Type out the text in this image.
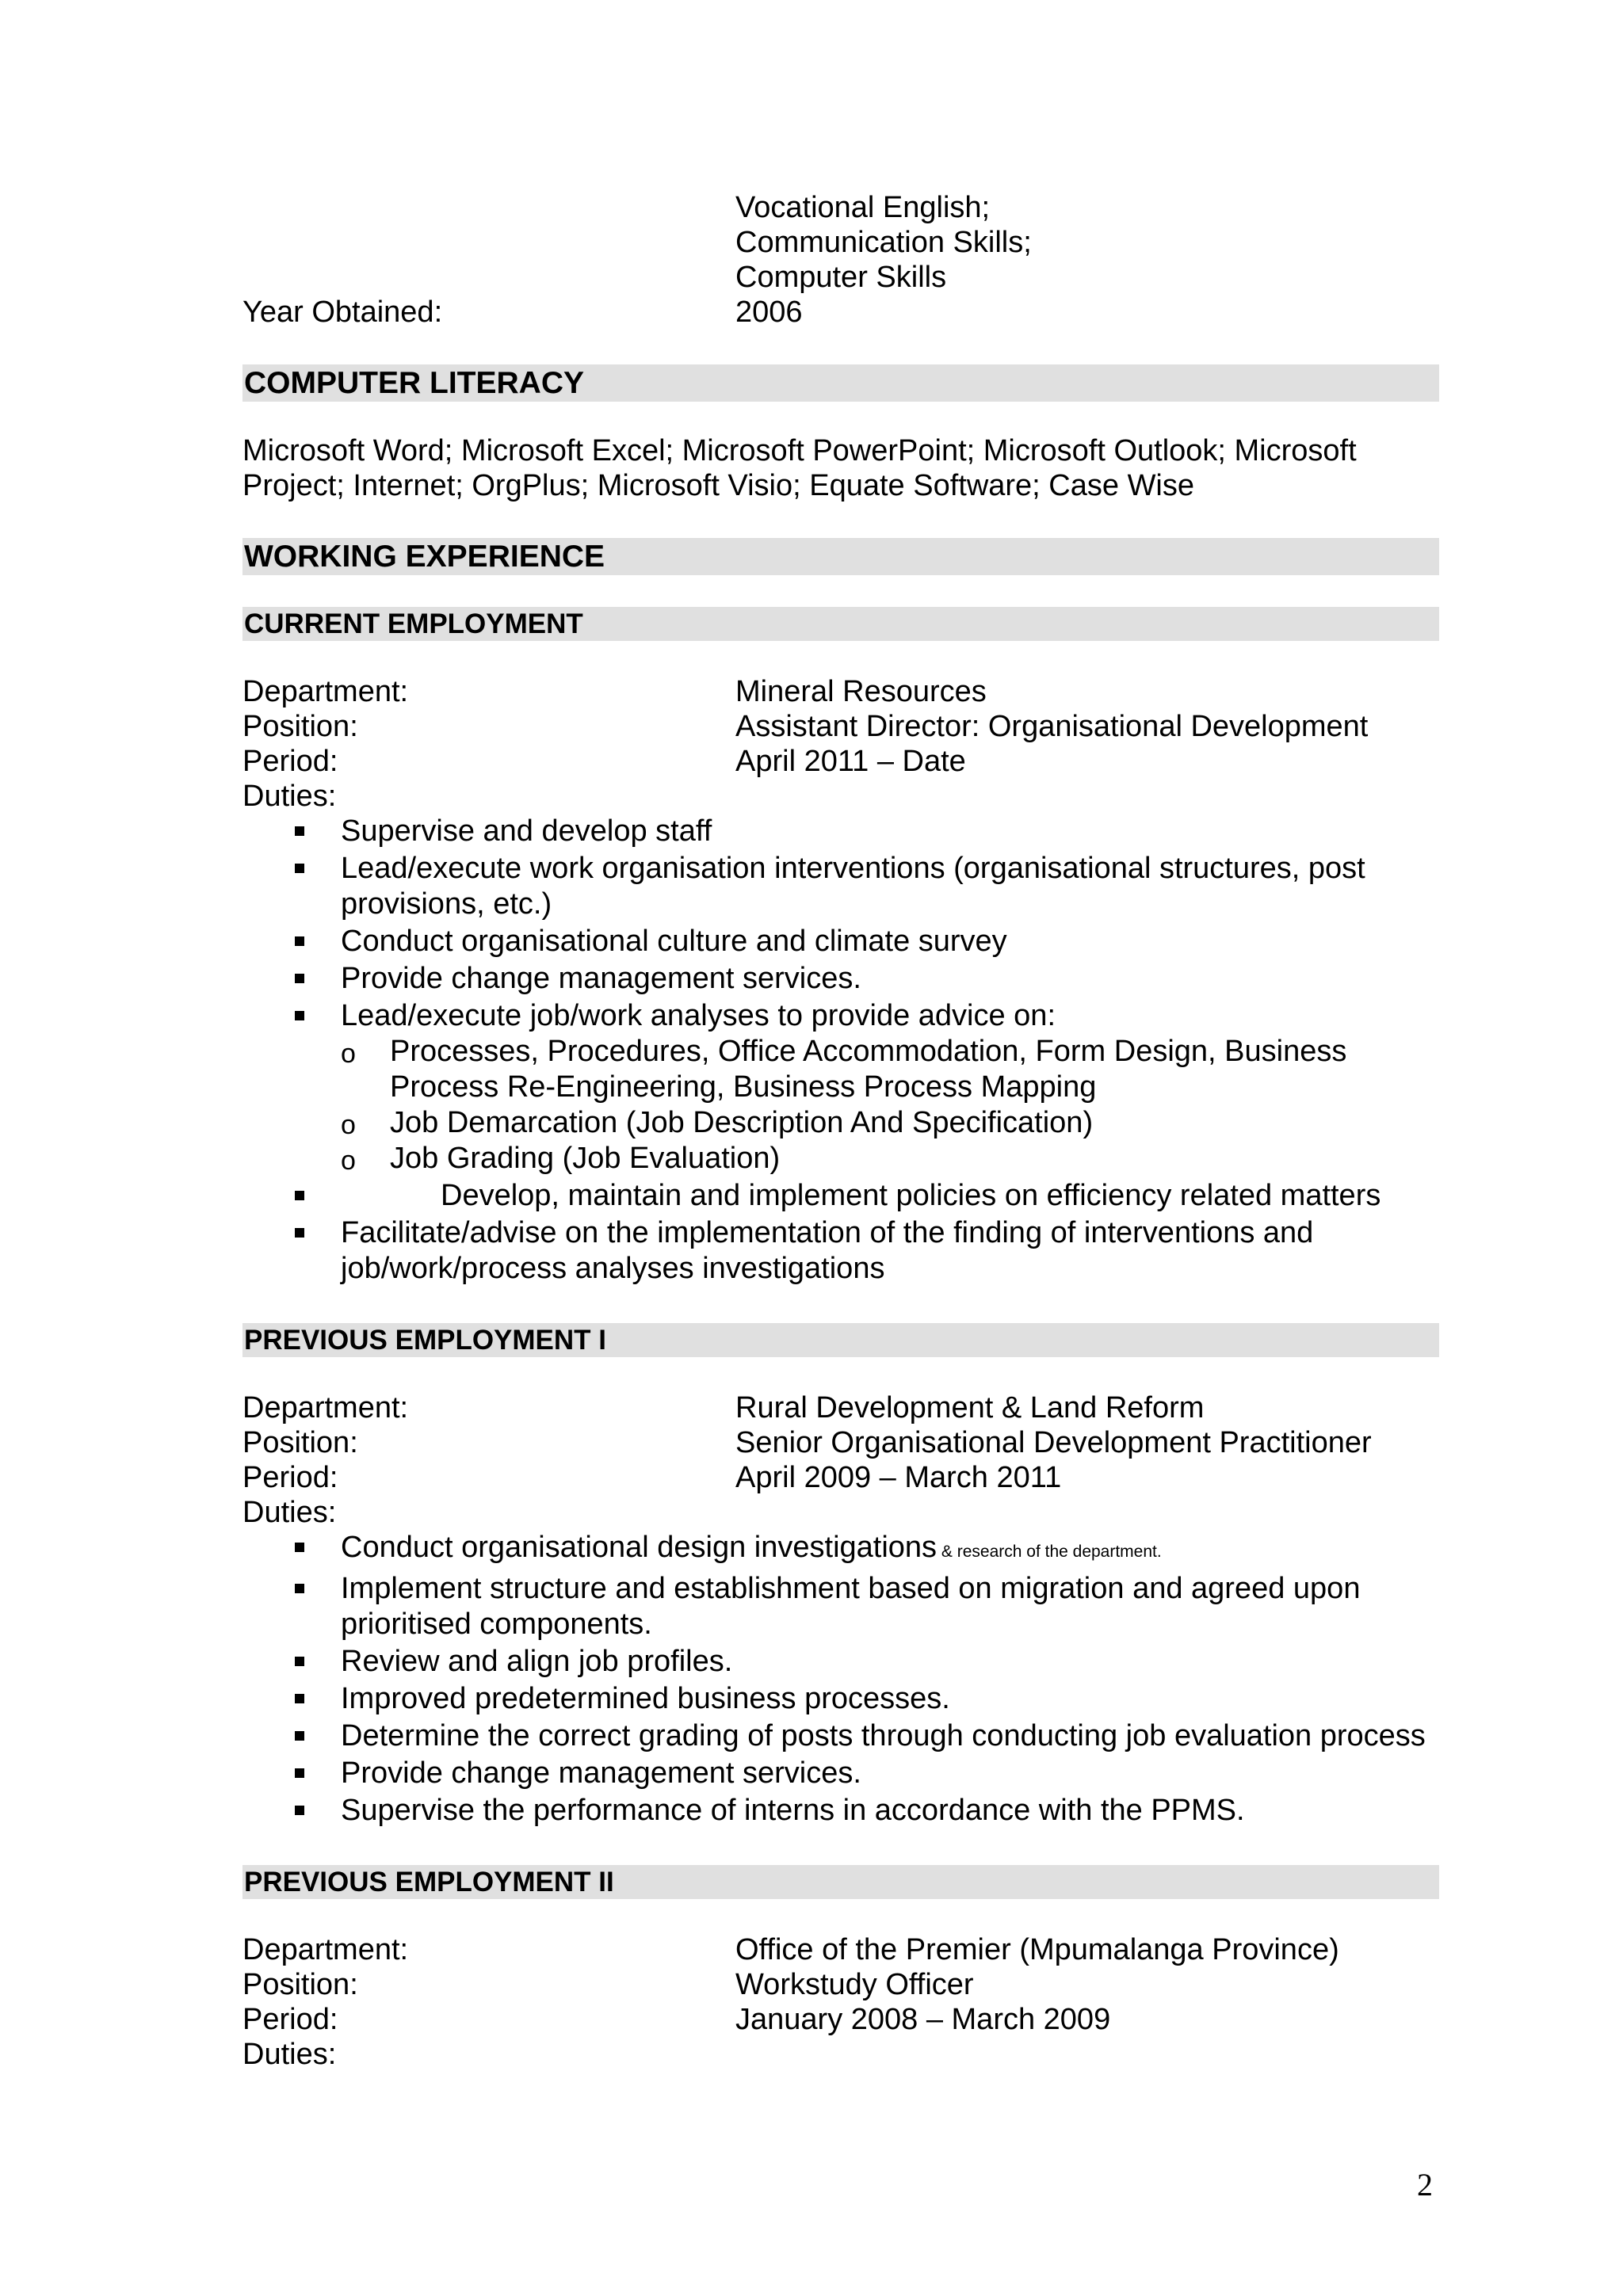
Vocational English;
Communication Skills;
Computer Skills
Year Obtained:	2006
COMPUTER LITERACY
Microsoft Word; Microsoft Excel; Microsoft PowerPoint; Microsoft Outlook; Microsoft Project; Internet; OrgPlus; Microsoft Visio; Equate Software; Case Wise
WORKING EXPERIENCE
CURRENT EMPLOYMENT
Department:	Mineral Resources
Position:	Assistant Director: Organisational Development
Period:	April 2011 – Date
Duties:
Supervise and develop staff
Lead/execute work organisation interventions (organisational structures, post provisions, etc.)
Conduct organisational culture and climate survey
Provide change management services.
Lead/execute job/work analyses to provide advice on:
o Processes, Procedures, Office Accommodation, Form Design, Business Process Re-Engineering, Business Process Mapping
o Job Demarcation (Job Description And Specification)
o Job Grading (Job Evaluation)
Develop, maintain and implement policies on efficiency related matters
Facilitate/advise on the implementation of the finding of interventions and job/work/process analyses investigations
PREVIOUS EMPLOYMENT I
Department:	Rural Development & Land Reform
Position:	Senior Organisational Development Practitioner
Period:	April 2009 – March 2011
Duties:
Conduct organisational design investigations & research of the department.
Implement structure and establishment based on migration and agreed upon prioritised components.
Review and align job profiles.
Improved predetermined business processes.
Determine the correct grading of posts through conducting job evaluation process
Provide change management services.
Supervise the performance of interns in accordance with the PPMS.
PREVIOUS EMPLOYMENT II
Department:	Office of the Premier (Mpumalanga Province)
Position:	Workstudy Officer
Period:	January 2008 – March 2009
Duties:
2
